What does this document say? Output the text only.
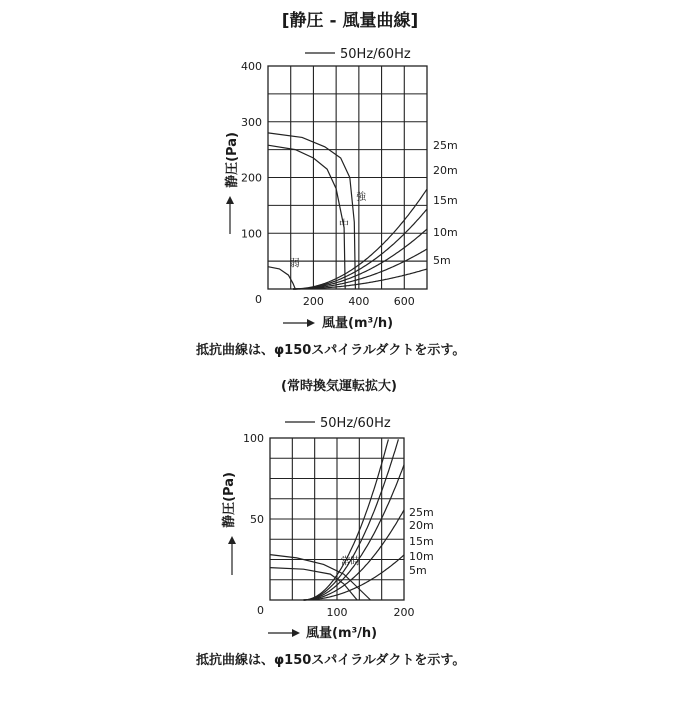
[静圧 - 風量曲線]
50Hz/60Hz
静圧(Pa)
風量(m³/h)
抵抗曲線は、φ150スパイラルダクトを示す。
(常時換気運転拡大)
50Hz/60Hz
静圧(Pa)
風量(m³/h)
抵抗曲線は、φ150スパイラルダクトを示す。
100
200
300
400
0	200 400 600
25m
20m
15m
10m
5m
強
中
弱
50
100
0	100	200
25m
20m
15m
10m
5m
常時
